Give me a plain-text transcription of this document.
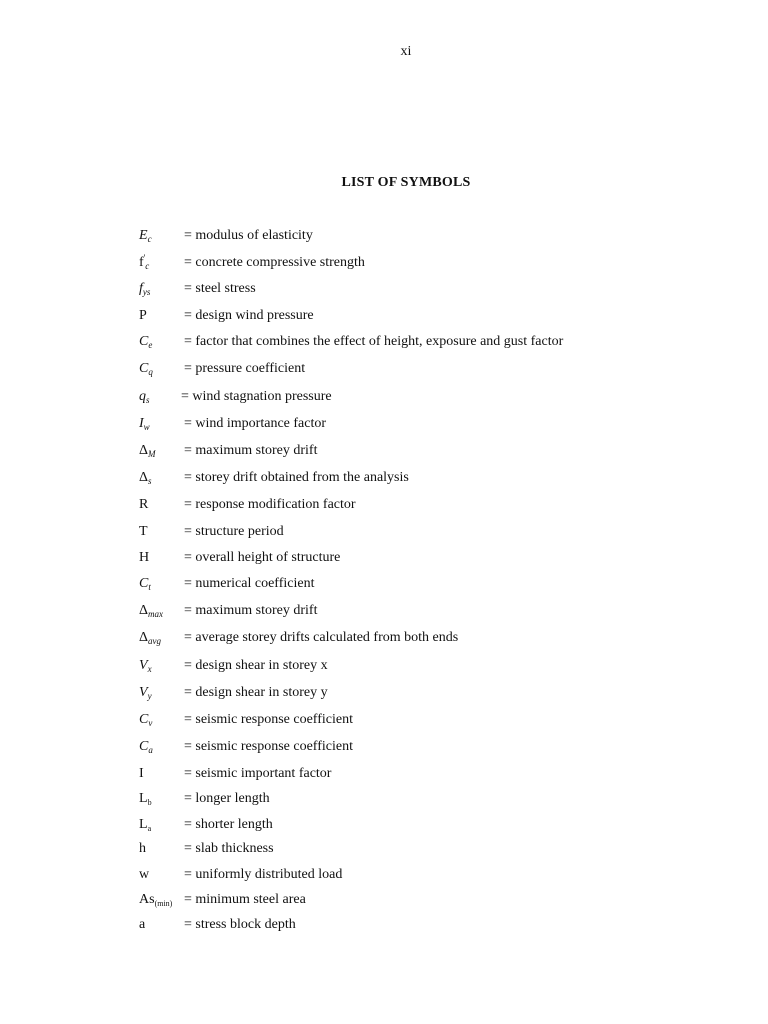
xi
LIST OF SYMBOLS
$E_c$ = modulus of elasticity
$f'_c$ = concrete compressive strength
$f_{ys}$ = steel stress
P	= design wind pressure
$C_e$ = factor that combines the effect of height, exposure and gust factor
$C_q$ = pressure coefficient
$q_s$ = wind stagnation pressure
$I_w$ = wind importance factor
$\Delta_M$ = maximum storey drift
$\Delta_s$ = storey drift obtained from the analysis
R	= response modification factor
T	= structure period
H = overall height of structure
$C_t$ = numerical coefficient
$\Delta_{max}$ = maximum storey drift
$\Delta_{avg}$ = average storey drifts calculated from both ends
$V_x$ = design shear in storey x
$V_y$ = design shear in storey y
$C_v$ = seismic response coefficient
$C_a$ = seismic response coefficient
I	= seismic important factor
$L_b$ = longer length
$L_a$ = shorter length
h	= slab thickness
w = uniformly distributed load
$As_{(min)}$ = minimum steel area
a	= stress block depth
